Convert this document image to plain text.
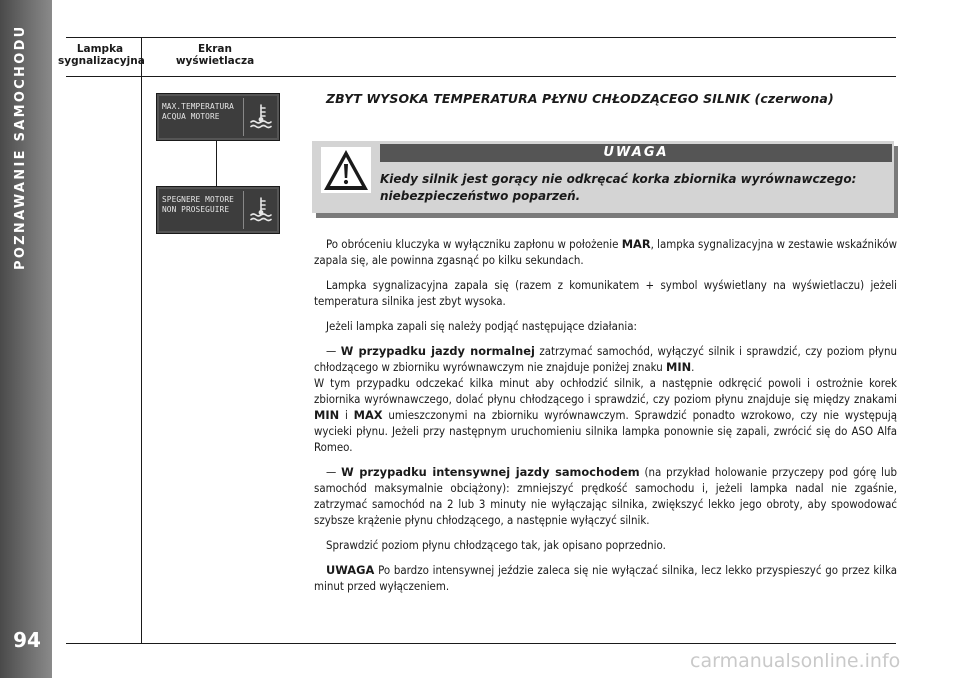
POZNAWANIE SAMOCHODU
94
Lampka
sygnalizacyjna
Ekran
wyświetlacza
MAX.TEMPERATURA
ACQUA MOTORE
SPEGNERE MOTORE
NON PROSEGUIRE
ZBYT WYSOKA TEMPERATURA PŁYNU CHŁODZĄCEGO SILNIK (czerwona)
UWAGA
Kiedy silnik jest gorący nie odkręcać korka zbiornika wyrównawczego: niebezpieczeństwo poparzeń.

Po obróceniu kluczyka w wyłączniku zapłonu w położenie MAR, lampka sygnalizacyjna w zestawie wskaźników zapala się, ale powinna zgasnąć po kilku sekundach.

Lampka sygnalizacyjna zapala się (razem z komunikatem + symbol wyświetlany na wyświetlaczu) jeżeli temperatura silnika jest zbyt wysoka.

Jeżeli lampka zapali się należy podjąć następujące działania:

— W przypadku jazdy normalnej zatrzymać samochód, wyłączyć silnik i sprawdzić, czy poziom płynu chłodzącego w zbiorniku wyrównawczym nie znajduje poniżej znaku MIN.

W tym przypadku odczekać kilka minut aby ochłodzić silnik, a następnie odkręcić powoli i ostrożnie korek zbiornika wyrównawczego, dolać płynu chłodzącego i sprawdzić, czy poziom płynu znajduje się między znakami MIN i MAX umieszczonymi na zbiorniku wyrównawczym. Sprawdzić ponadto wzrokowo, czy nie występują wycieki płynu. Jeżeli przy następnym uruchomieniu silnika lampka ponownie się zapali, zwrócić się do ASO Alfa Romeo.

— W przypadku intensywnej jazdy samochodem (na przykład holowanie przyczepy pod górę lub samochód maksymalnie obciążony): zmniejszyć prędkość samochodu i, jeżeli lampka nadal nie zgaśnie, zatrzymać samochód na 2 lub 3 minuty nie wyłączając silnika, zwiększyć lekko jego obroty, aby spowodować szybsze krążenie płynu chłodzącego, a następnie wyłączyć silnik.

Sprawdzić poziom płynu chłodzącego tak, jak opisano poprzednio.

UWAGA Po bardzo intensywnej jeździe zaleca się nie wyłączać silnika, lecz lekko przyspieszyć go przez kilka minut przed wyłączeniem.

carmanualsonline.info
